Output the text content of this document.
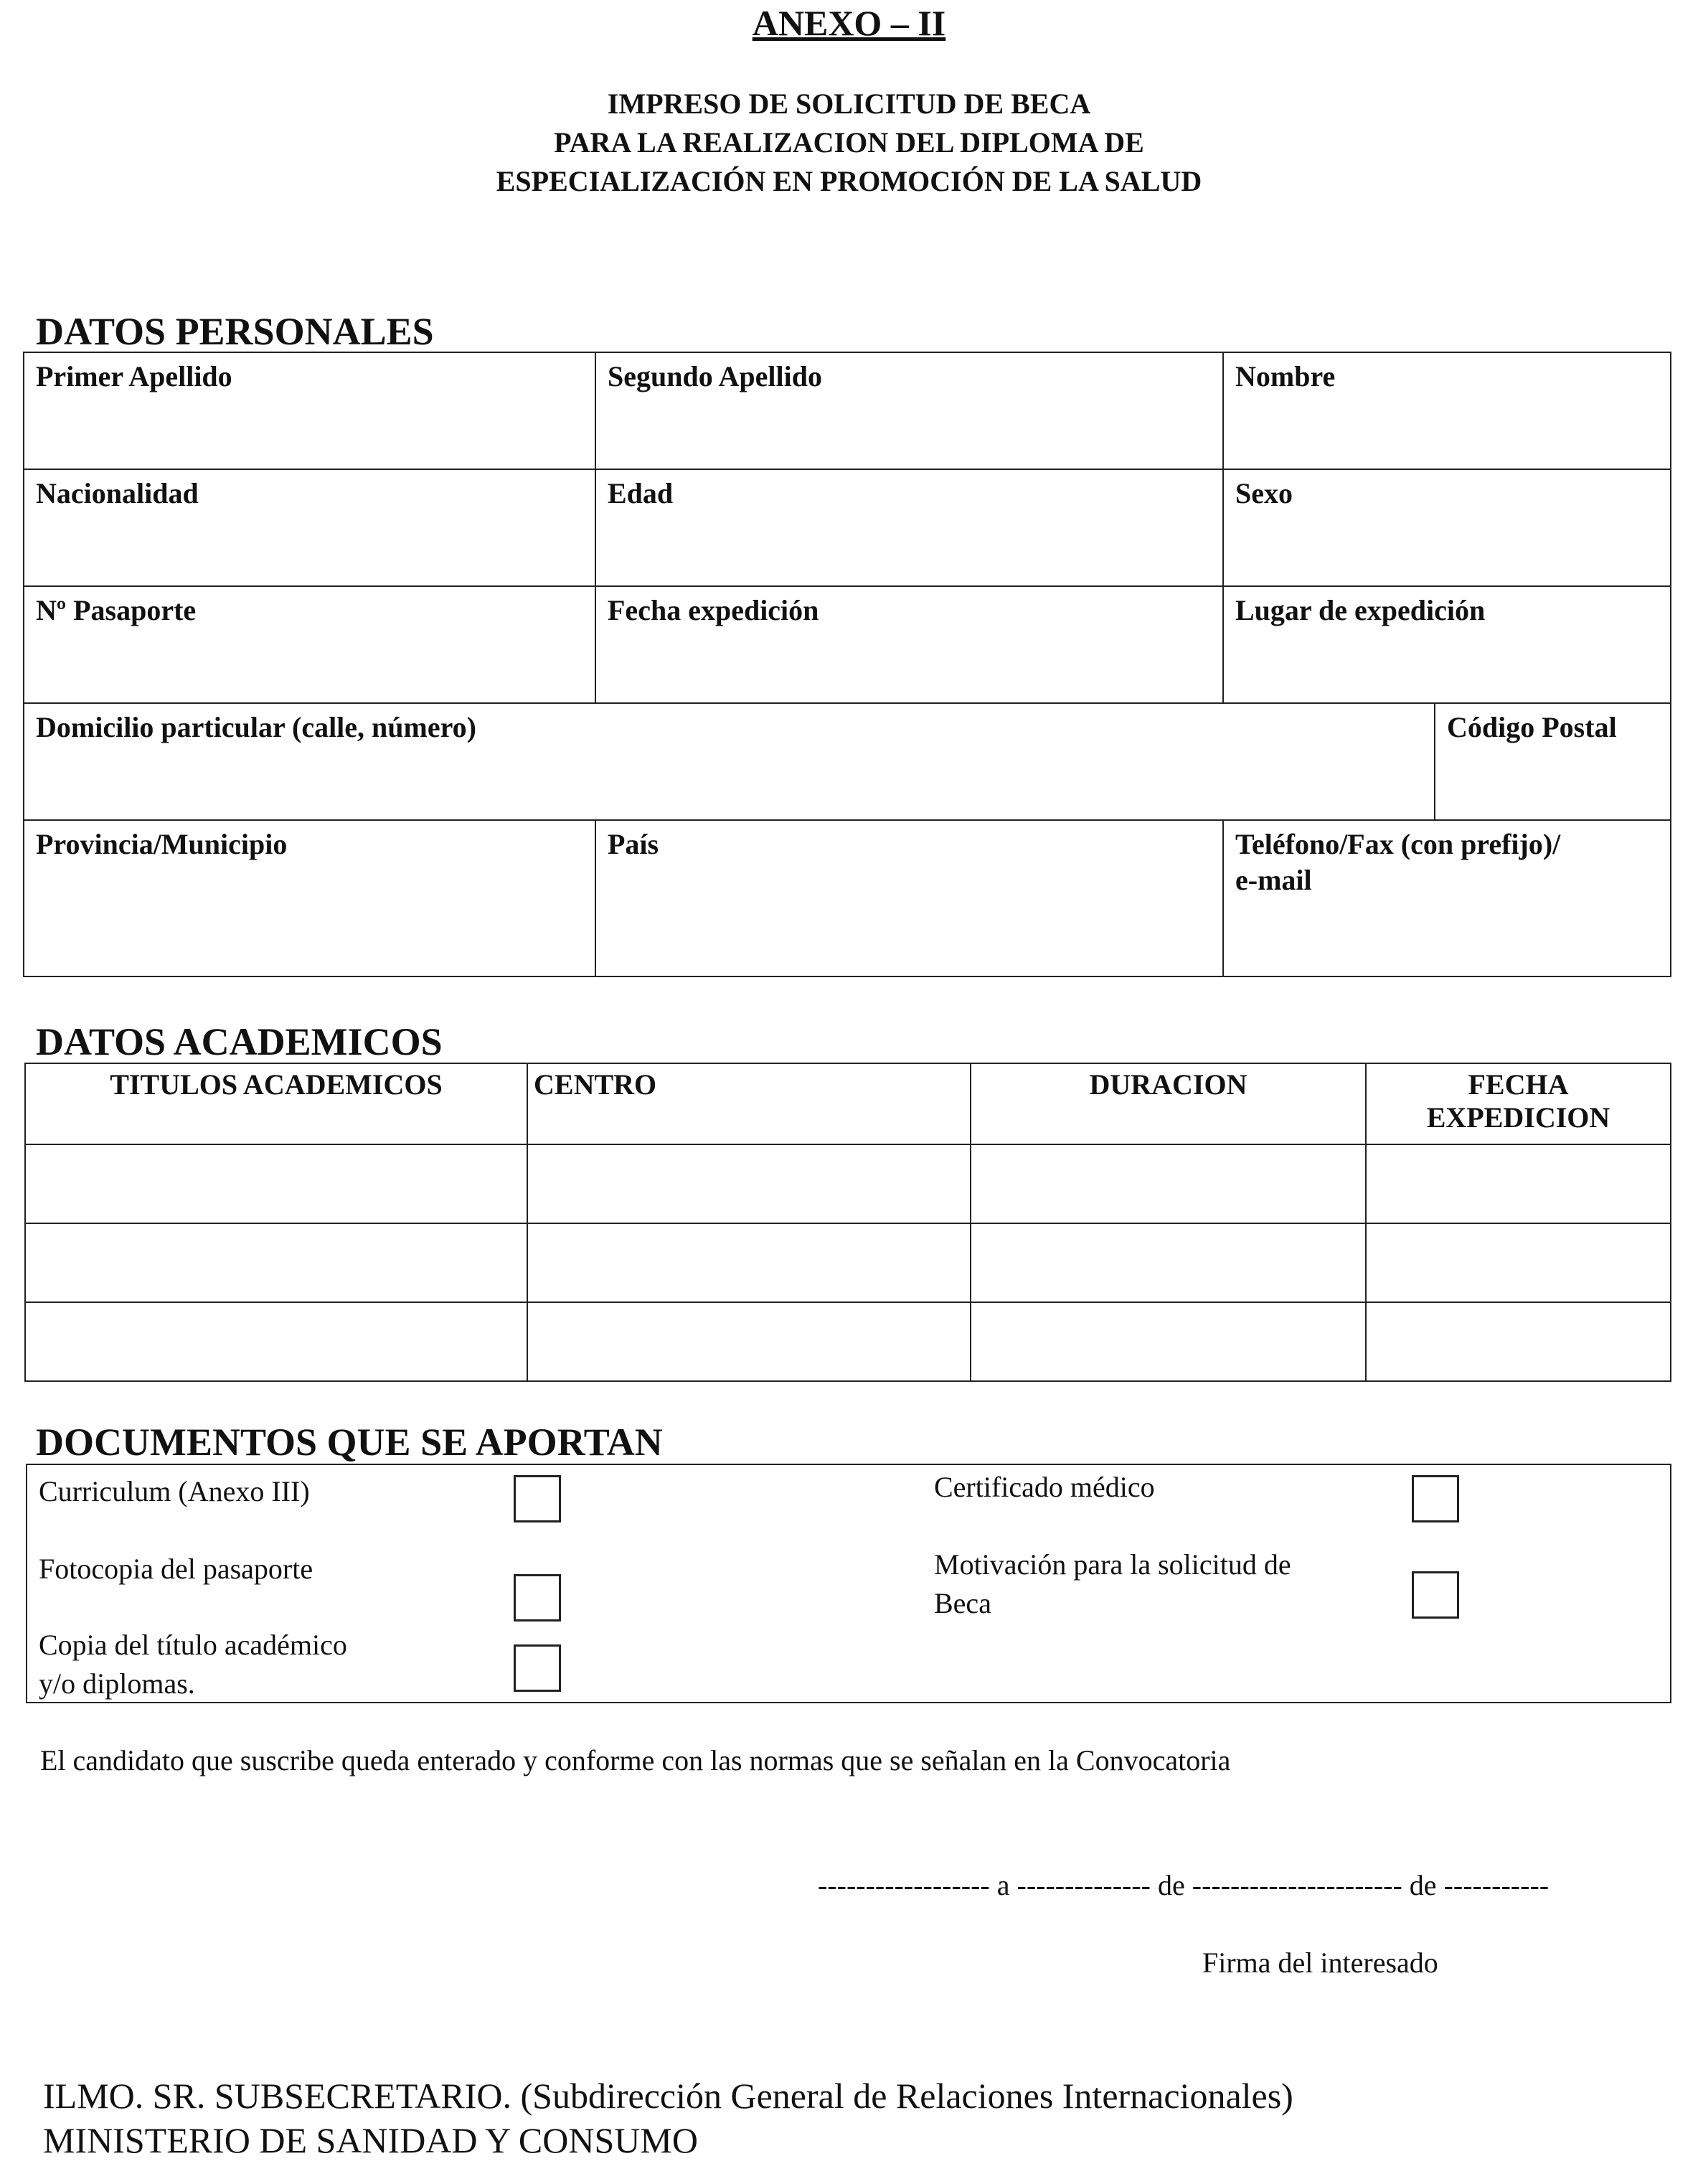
ANEXO – II
IMPRESO DE SOLICITUD DE BECA
PARA LA REALIZACION DEL DIPLOMA DE
ESPECIALIZACIÓN EN PROMOCIÓN DE LA SALUD
DATOS PERSONALES
Primer Apellido	Segundo Apellido	Nombre

Nacionalidad	Edad	Sexo

Nº Pasaporte	Fecha expedición	Lugar de expedición
Domicilio particular (calle, número)	Código Postal
Provincia/Municipio	País	Teléfono/Fax (con prefijo)/
e-mail
DATOS ACADEMICOS
TITULOS ACADEMICOS	CENTRO	DURACION	FECHA
EXPEDICION

DOCUMENTOS QUE SE APORTAN
Curriculum (Anexo III)
Fotocopia del pasaporte
Copia del título académico
y/o diplomas.
Certificado médico
Motivación para la solicitud de
Beca
El candidato que suscribe queda enterado y conforme con las normas que se señalan en la Convocatoria
------------------ a -------------- de ---------------------- de -----------
Firma del interesado
ILMO. SR. SUBSECRETARIO. (Subdirección General de Relaciones Internacionales)
MINISTERIO DE SANIDAD Y CONSUMO
